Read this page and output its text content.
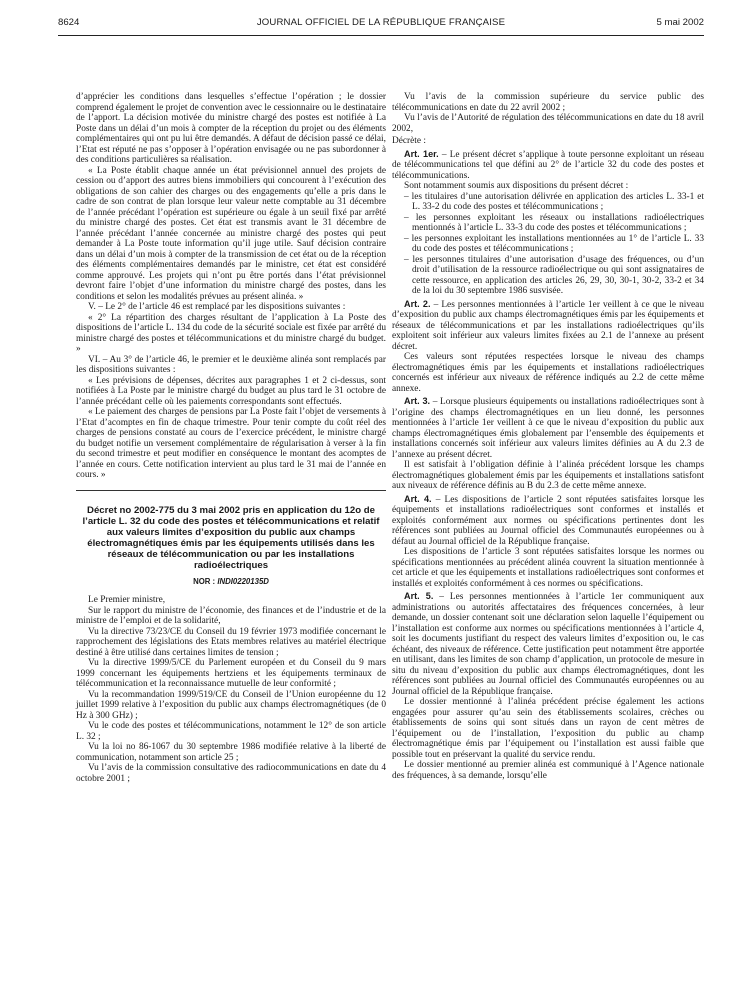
8624	JOURNAL OFFICIEL DE LA RÉPUBLIQUE FRANÇAISE	5 mai 2002

d’apprécier les conditions dans lesquelles s’effectue l’opération ; le dossier comprend également le projet de convention avec le cessionnaire ou le destinataire de l’apport. La décision motivée du ministre chargé des postes est notifiée à La Poste dans un délai d’un mois à compter de la réception du projet ou des éléments complémentaires qui ont pu lui être demandés. A défaut de décision passé ce délai, l’Etat est réputé ne pas s’opposer à l’opération envisagée ou ne pas subordonner à des conditions particulières sa réalisation.

« La Poste établit chaque année un état prévisionnel annuel des projets de cession ou d’apport des autres biens immobiliers qui concourent à l’exécution des obligations de son cahier des charges ou des engagements qu’elle a pris dans le cadre de son contrat de plan lorsque leur valeur nette comptable au 31 décembre de l’année précédant l’opération est supérieure ou égale à un seuil fixé par arrêté du ministre chargé des postes. Cet état est transmis avant le 31 décembre de l’année précédant l’année concernée au ministre chargé des postes qui peut demander à La Poste toute information qu’il juge utile. Sauf décision contraire dans un délai d’un mois à compter de la transmission de cet état ou de la réception des éléments complémentaires demandés par le ministre, cet état est considéré comme approuvé. Les projets qui n’ont pu être portés dans l’état prévisionnel devront faire l’objet d’une information du ministre chargé des postes, dans les conditions et selon les modalités prévues au présent alinéa. »

V. – Le 2° de l’article 46 est remplacé par les dispositions suivantes :

« 2° La répartition des charges résultant de l’application à La Poste des dispositions de l’article L. 134 du code de la sécurité sociale est fixée par arrêté du ministre chargé des postes et télécommunications et du ministre chargé du budget. »

VI. – Au 3° de l’article 46, le premier et le deuxième alinéa sont remplacés par les dispositions suivantes :

« Les prévisions de dépenses, décrites aux paragraphes 1 et 2 ci-dessus, sont notifiées à La Poste par le ministre chargé du budget au plus tard le 31 octobre de l’année précédant celle où les paiements correspondants sont effectués.

« Le paiement des charges de pensions par La Poste fait l’objet de versements à l’Etat d’acomptes en fin de chaque trimestre. Pour tenir compte du coût réel des charges de pensions constaté au cours de l’exercice précédent, le ministre chargé du budget notifie un versement complémentaire de régularisation à verser à la fin du second trimestre et peut modifier en conséquence le montant des acomptes de l’année en cours. Cette notification intervient au plus tard le 31 mai de l’année en cours. »

Décret no 2002-775 du 3 mai 2002 pris en application du 12o de l’article L. 32 du code des postes et télécommunications et relatif aux valeurs limites d’exposition du public aux champs électromagnétiques émis par les équipements utilisés dans les réseaux de télécommunication ou par les installations radioélectriques
NOR : INDI0220135D

Le Premier ministre,

Sur le rapport du ministre de l’économie, des finances et de l’industrie et de la ministre de l’emploi et de la solidarité,

Vu la directive 73/23/CE du Conseil du 19 février 1973 modifiée concernant le rapprochement des législations des Etats membres relatives au matériel électrique destiné à être utilisé dans certaines limites de tension ;

Vu la directive 1999/5/CE du Parlement européen et du Conseil du 9 mars 1999 concernant les équipements hertziens et les équipements terminaux de télécommunication et la reconnaissance mutuelle de leur conformité ;

Vu la recommandation 1999/519/CE du Conseil de l’Union européenne du 12 juillet 1999 relative à l’exposition du public aux champs électromagnétiques (de 0 Hz à 300 GHz) ;

Vu le code des postes et télécommunications, notamment le 12° de son article L. 32 ;

Vu la loi no 86-1067 du 30 septembre 1986 modifiée relative à la liberté de communication, notamment son article 25 ;

Vu l’avis de la commission consultative des radiocommunications en date du 4 octobre 2001 ;

Vu l’avis de la commission supérieure du service public des télécommunications en date du 22 avril 2002 ;

Vu l’avis de l’Autorité de régulation des télécommunications en date du 18 avril 2002,

Décrète :

Art. 1er. – Le présent décret s’applique à toute personne exploitant un réseau de télécommunications tel que défini au 2° de l’article 32 du code des postes et télécommunications.

Sont notamment soumis aux dispositions du présent décret :

– les titulaires d’une autorisation délivrée en application des articles L. 33-1 et L. 33-2 du code des postes et télécommunications ;
– les personnes exploitant les réseaux ou installations radioélectriques mentionnés à l’article L. 33-3 du code des postes et télécommunications ;
– les personnes exploitant les installations mentionnées au 1° de l’article L. 33 du code des postes et télécommunications ;
– les personnes titulaires d’une autorisation d’usage des fréquences, ou d’un droit d’utilisation de la ressource radioélectrique ou qui sont assignataires de cette ressource, en application des articles 26, 29, 30, 30-1, 30-2, 33-2 et 34 de la loi du 30 septembre 1986 susvisée.

Art. 2. – Les personnes mentionnées à l’article 1er veillent à ce que le niveau d’exposition du public aux champs électromagnétiques émis par les équipements et réseaux de télécommunications et par les installations radioélectriques qu’ils exploitent soit inférieur aux valeurs limites fixées au 2.1 de l’annexe au présent décret.

Ces valeurs sont réputées respectées lorsque le niveau des champs électromagnétiques émis par les équipements et installations radioélectriques concernés est inférieur aux niveaux de référence indiqués au 2.2 de cette même annexe.

Art. 3. – Lorsque plusieurs équipements ou installations radioélectriques sont à l’origine des champs électromagnétiques en un lieu donné, les personnes mentionnées à l’article 1er veillent à ce que le niveau d’exposition du public aux champs électromagnétiques émis globalement par l’ensemble des équipements et installations concernés soit inférieur aux valeurs limites définies au A du 2.3 de l’annexe au présent décret.

Il est satisfait à l’obligation définie à l’alinéa précédent lorsque les champs électromagnétiques globalement émis par les équipements et installations satisfont aux niveaux de référence définis au B du 2.3 de cette même annexe.

Art. 4. – Les dispositions de l’article 2 sont réputées satisfaites lorsque les équipements et installations radioélectriques sont conformes et installés et exploités conformément aux normes ou spécifications pertinentes dont les références sont publiées au Journal officiel des Communautés européennes ou à défaut au Journal officiel de la République française.

Les dispositions de l’article 3 sont réputées satisfaites lorsque les normes ou spécifications mentionnées au précédent alinéa couvrent la situation mentionnée à cet article et que les équipements et installations radioélectriques sont conformes et installés et exploités conformément à ces normes ou spécifications.

Art. 5. – Les personnes mentionnées à l’article 1er communiquent aux administrations ou autorités affectataires des fréquences concernées, à leur demande, un dossier contenant soit une déclaration selon laquelle l’équipement ou l’installation est conforme aux normes ou spécifications mentionnées à l’article 4, soit les documents justifiant du respect des valeurs limites d’exposition ou, le cas échéant, des niveaux de référence. Cette justification peut notamment être apportée en utilisant, dans les limites de son champ d’application, un protocole de mesure in situ du niveau d’exposition du public aux champs électromagnétiques, dont les références sont publiées au Journal officiel des Communautés européennes ou au Journal officiel de la République française.

Le dossier mentionné à l’alinéa précédent précise également les actions engagées pour assurer qu’au sein des établissements scolaires, crèches ou établissements de soins qui sont situés dans un rayon de cent mètres de l’équipement ou de l’installation, l’exposition du public au champ électromagnétique émis par l’équipement ou l’installation est aussi faible que possible tout en préservant la qualité du service rendu.

Le dossier mentionné au premier alinéa est communiqué à l’Agence nationale des fréquences, à sa demande, lorsqu’elle
